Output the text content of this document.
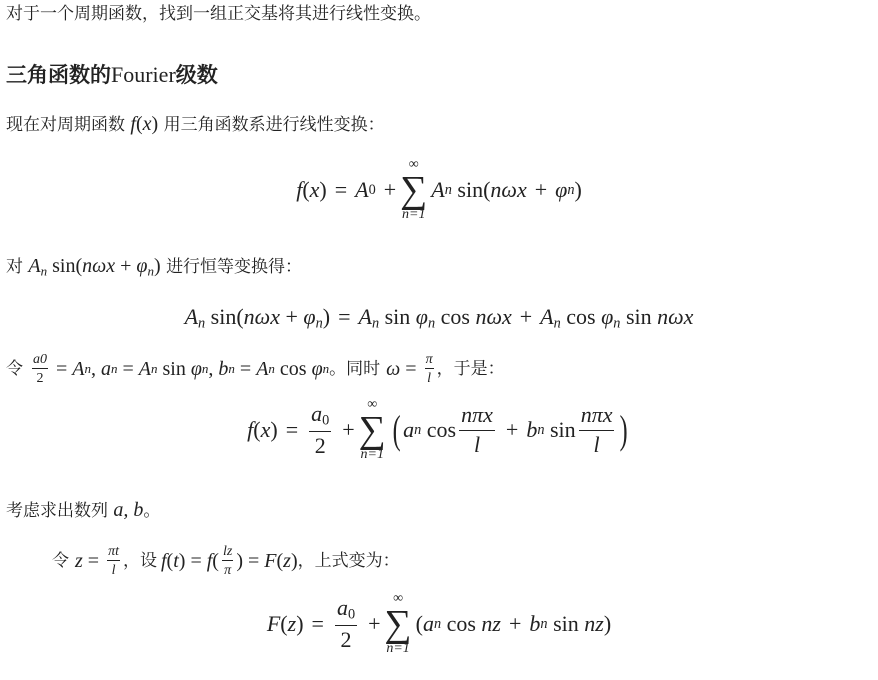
对于一个周期函数，找到一组正交基将其进行线性变换。
三角函数的Fourier级数
现在对周期函数 f(x) 用三角函数系进行线性变换：
f ( x ) = A 0 +
∞
∑
n=1
A n sin( nωx + φ n )
对 $A_n$ $\sin(n\omega x + \varphi_n)$ 进行恒等变换得：
$A_n$ $\sin(n\omega x + \varphi_n) = A_n$ $\sin \varphi_n$ $\cos n\omega x + A_n$ $\cos \varphi_n$ sin nωx
令 $\frac{a0}{2} = A$ n , a n = A n sin φ n , b n = A n cos φ n 。 同时 $\omega = \frac{\pi}{l}$ ，于是：
f ( x ) = $\frac{a_0}{2}$ +
∞
∑
n=1
( a n $\cos \frac{\text{nπx}}{l} + b$ n $\sin \frac{\text{nπx}}{l}$ )
考虑求出数列 a, b。
令 $z = \frac{\pi t}{l}$ ，设 f ( t ) = f ( $\frac{lz}{\pi}$ ) = F ( z ) ，上式变为：
F ( z ) = $\frac{a_0}{2}$ +
∞
∑
n=1
( a n cos nz + b n sin nz )
